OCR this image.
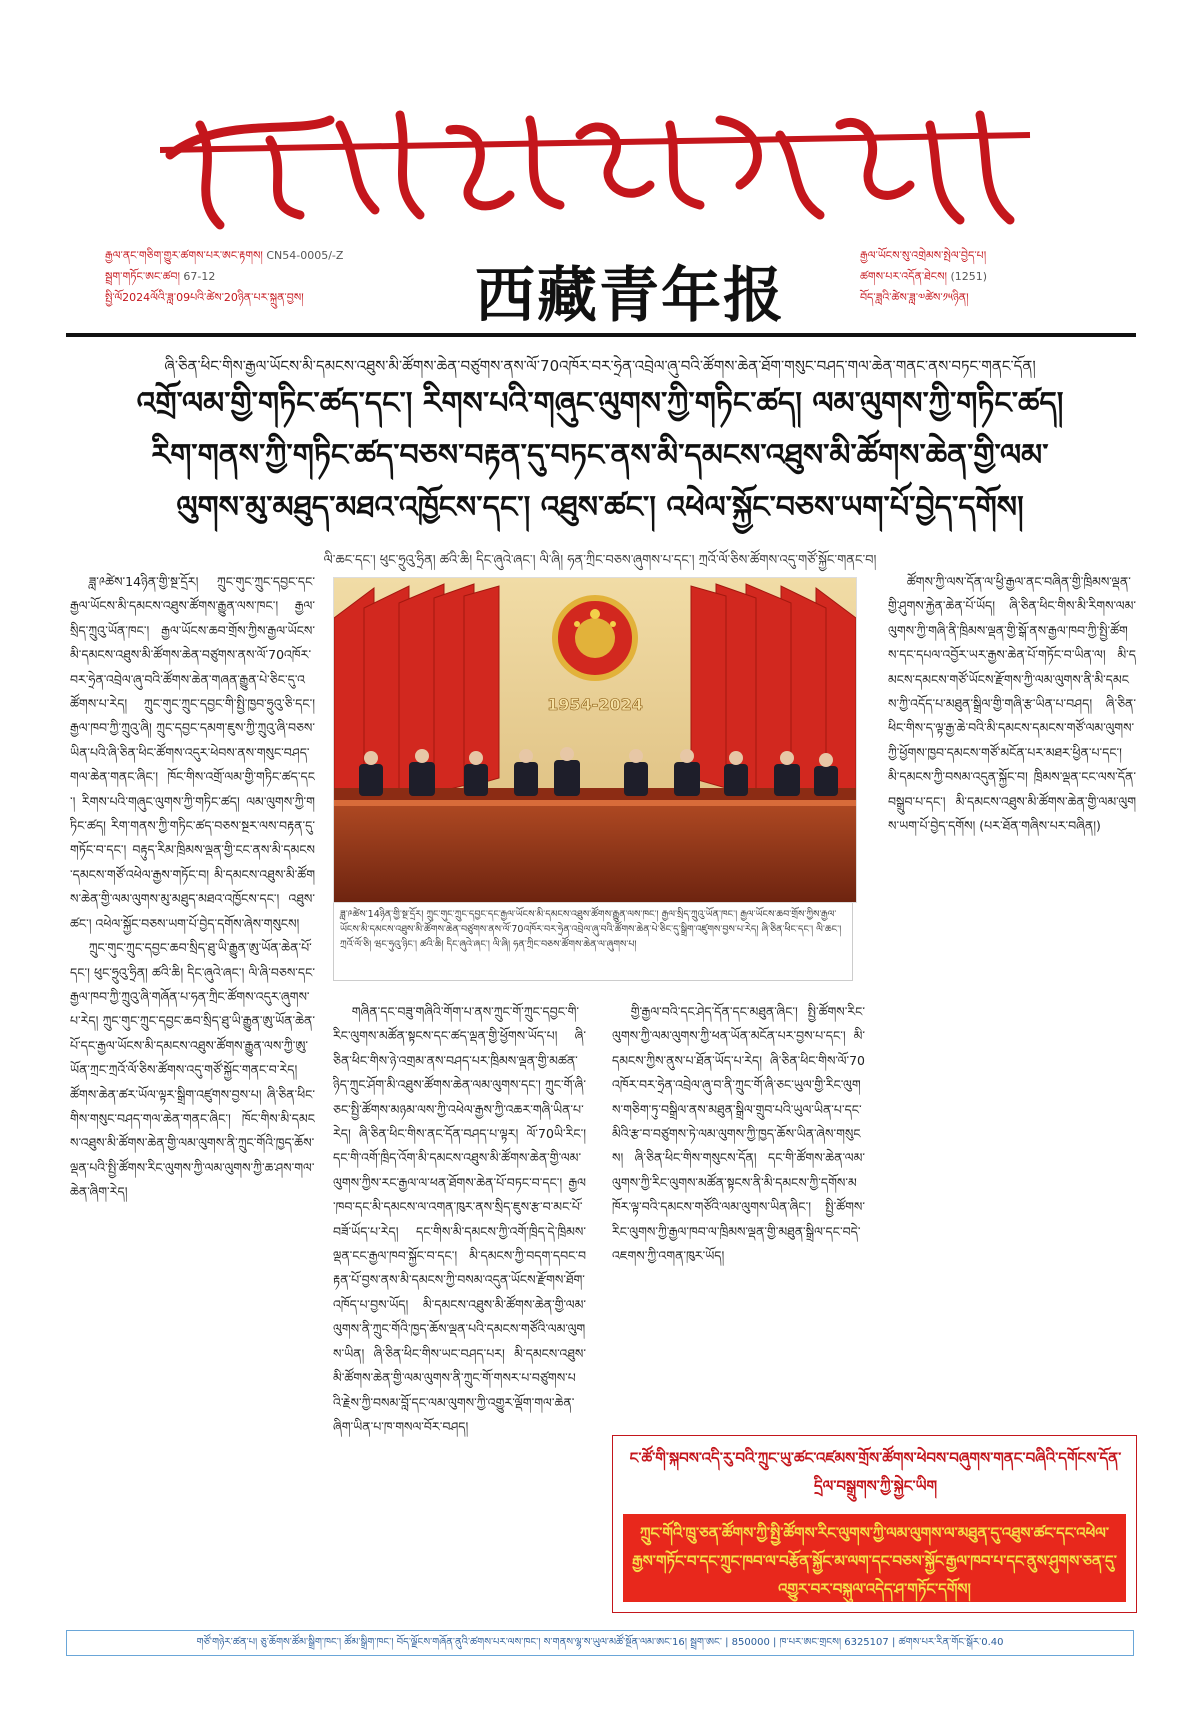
རྒྱལ་ནང་གཅིག་གྱུར་ཚགས་པར་ཨང་རྟགས། CN54-0005/-Z
སྦྲག་གཏོང་ཨང་ཚབ། 67-12
སྤྱི་ལོ2024ལོའི་ཟླ་09པའི་ཚེས་20ཉིན་པར་སྐྲུན་བྱས།	西藏青年报
རྒྱལ་ཡོངས་སུ་འགྲེམས་སྤེལ་བྱེད་པ།
ཚགས་པར་འདོན་ཐེངས། (1251)
བོད་ཟླའི་ཚེས་ཟླ་༧ཚེས་༡༥ཉིན།
ཞི་ཅིན་ཕིང་གིས་རྒྱལ་ཡོངས་མི་དམངས་འཐུས་མི་ཚོགས་ཆེན་བཙུགས་ནས་ལོ་70འཁོར་བར་ཧྲེན་འབྲེལ་ཞུ་བའི་ཚོགས་ཆེན་ཐོག་གསུང་བཤད་གལ་ཆེན་གནང་ནས་བཏང་གནང་དོན།
འགྲོ་ལམ་གྱི་གཏིང་ཚད་དང་། རིགས་པའི་གཞུང་ལུགས་ཀྱི་གཏིང་ཚད། ལམ་ལུགས་ཀྱི་གཏིང་ཚད།
རིག་གནས་ཀྱི་གཏིང་ཚད་བཅས་བརྟན་དུ་བཏང་ནས་མི་དམངས་འཐུས་མི་ཚོགས་ཆེན་གྱི་ལམ་
ལུགས་མུ་མཐུད་མཐའ་འཁྱོངས་དང་། འཐུས་ཚང་། འཕེལ་སྐྱོང་བཅས་ཡག་པོ་བྱེད་དགོས།
ལི་ཆང་དང་། ཕུང་ཧྲུའུ་ཧྲིན། ཚའི་ཆི། དིང་ཞུའེ་ཞང་། ལི་ཞི། ཧན་ཀྲིང་བཅས་ཞུགས་པ་དང་། ཀྲའོ་ལོ་ཅིས་ཚོགས་འདུ་གཙོ་སྐྱོང་གནང་བ།

ཟླ་༩ཚེས་14ཉིན་གྱི་སྔ་དྲོར། ཀྲུང་གུང་ཀྲུང་དབྱང་དང་རྒྱལ་ཡོངས་མི་དམངས་འཐུས་ཚོགས་རྒྱུན་ལས་ཁང་། རྒྱལ་སྲིད་ཀྲུའུ་ཡོན་ཁང་། རྒྱལ་ཡོངས་ཆབ་གྲོས་ཀྱིས་རྒྱལ་ཡོངས་མི་དམངས་འཐུས་མི་ཚོགས་ཆེན་བཙུགས་ནས་ལོ་70འཁོར་བར་ཧྲེན་འབྲེལ་ཞུ་བའི་ཚོགས་ཆེན་གཞན་རྒྱུན་པེ་ཅིང་དུ་འཚོགས་པ་རེད། ཀྲུང་གུང་ཀྲུང་དབྱང་གི་སྤྱི་ཁྱབ་ཧྲུའུ་ཅི་དང་། རྒྱལ་ཁབ་ཀྱི་ཀྲུའུ་ཞི། ཀྲུང་དབྱང་དམག་ཇུས་ཀྱི་ཀྲུའུ་ཞི་བཅས་ཡིན་པའི་ཞི་ཅིན་ཕིང་ཚོགས་འདུར་ཕེབས་ནས་གསུང་བཤད་གལ་ཆེན་གནང་ཞིང་། ཁོང་གིས་འགྲོ་ལམ་གྱི་གཏིང་ཚད་དང་། རིགས་པའི་གཞུང་ལུགས་ཀྱི་གཏིང་ཚད། ལམ་ལུགས་ཀྱི་གཏིང་ཚད། རིག་གནས་ཀྱི་གཏིང་ཚད་བཅས་སྔར་ལས་བརྟན་དུ་གཏོང་བ་དང་། བརྟུད་རིམ་ཁྲིམས་ལྡན་གྱི་ངང་ནས་མི་དམངས་དམངས་གཙོ་འཕེལ་རྒྱས་གཏོང་བ། མི་དམངས་འཐུས་མི་ཚོགས་ཆེན་གྱི་ལམ་ལུགས་མུ་མཐུད་མཐའ་འཁྱོངས་དང་། འཐུས་ཚང་། འཕེལ་སྐྱོང་བཅས་ཡག་པོ་བྱེད་དགོས་ཞེས་གསུངས།

ཀྲུང་གུང་ཀྲུང་དབྱང་ཆབ་སྲིད་ཐུ་ཡི་རྒྱུན་ཨུ་ཡོན་ཆེན་པོ་དང་། ཕུང་ཧྲུའུ་ཧྲིན། ཚའི་ཆི། དིང་ཞུའེ་ཞང་། ལི་ཞི་བཅས་དང་རྒྱལ་ཁབ་ཀྱི་ཀྲུའུ་ཞི་གཞོན་པ་ཧན་ཀྲིང་ཚོགས་འདུར་ཞུགས་པ་རེད། ཀྲུང་གུང་ཀྲུང་དབྱང་ཆབ་སྲིད་ཐུ་ཡི་རྒྱུན་ཨུ་ཡོན་ཆེན་པོ་དང་རྒྱལ་ཡོངས་མི་དམངས་འཐུས་ཚོགས་རྒྱུན་ལས་ཀྱི་ཨུ་ཡོན་ཀྲང་ཀྲའོ་ལོ་ཅིས་ཚོགས་འདུ་གཙོ་སྐྱོང་གནང་བ་རེད། ཚོགས་ཆེན་ཚར་ཡོལ་ལྟར་སྒྲིག་འཛུགས་བྱས་པ། ཞི་ཅིན་ཕིང་གིས་གསུང་བཤད་གལ་ཆེན་གནང་ཞིང་། ཁོང་གིས་མི་དམངས་འཐུས་མི་ཚོགས་ཆེན་གྱི་ལམ་ལུགས་ནི་ཀྲུང་གོའི་ཁྱད་ཆོས་ལྡན་པའི་སྤྱི་ཚོགས་རིང་ལུགས་ཀྱི་ལམ་ལུགས་ཀྱི་ཆ་ཤས་གལ་ཆེན་ཞིག་རེད།

1954-2024
ཟླ་༩ཚེས་14ཉིན་གྱི་སྔ་དྲོར། ཀྲུང་གུང་ཀྲུང་དབྱང་དང་རྒྱལ་ཡོངས་མི་དམངས་འཐུས་ཚོགས་རྒྱུན་ལས་ཁང་། རྒྱལ་སྲིད་ཀྲུའུ་ཡོན་ཁང་། རྒྱལ་ཡོངས་ཆབ་གྲོས་ཀྱིས་རྒྱལ་ཡོངས་མི་དམངས་འཐུས་མི་ཚོགས་ཆེན་བཙུགས་ནས་ལོ་70འཁོར་བར་ཧྲེན་འབྲེལ་ཞུ་བའི་ཚོགས་ཆེན་པེ་ཅིང་དུ་སྒྲིག་འཛུགས་བྱས་པ་རེད། ཞི་ཅིན་ཕིང་དང་། ལི་ཆང་། ཀྲའོ་ལོ་ཅི། ཝང་ཧུའུ་ཉིང་། ཚའི་ཆི། དིང་ཞུའེ་ཞང་། ལི་ཞི། ཧན་ཀྲིང་བཅས་ཚོགས་ཆེན་ལ་ཞུགས་པ།

གཞིན་དང་བཟུ་གཞིའི་གོག་པ་ནས་ཀྲུང་གོ་ཀྲུང་དབྱང་གི་རིང་ལུགས་མཚོན་སྟངས་དང་ཚད་ལྡན་གྱི་ཕྱོགས་ཡོད་པ། ཞི་ཅིན་ཕིང་གིས་ཉེ་འགྲམ་ནས་བཤད་པར་ཁྲིམས་ལྡན་གྱི་མཚན་ཉིད་ཀྲུང་ཤོག་མི་འཐུས་ཚོགས་ཆེན་ལམ་ལུགས་དང་། ཀྲུང་གོ་ཞི་ཅང་སྤྱི་ཚོགས་མཉམ་ལས་ཀྱི་འཕེལ་རྒྱས་ཀྱི་འཆར་གཞི་ཡིན་པ་རེད། ཞི་ཅིན་ཕིང་གིས་ནང་དོན་བཤད་པ་ལྟར། ལོ་70ཡི་རིང་། དང་གི་འགོ་ཁྲིད་འོག་མི་དམངས་འཐུས་མི་ཚོགས་ཆེན་གྱི་ལམ་ལུགས་ཀྱིས་རང་རྒྱལ་ལ་ཕན་ཐོགས་ཆེན་པོ་བཏང་བ་དང་། རྒྱལ་ཁབ་དང་མི་དམངས་ལ་འགན་ཁུར་ནས་སྲིད་ཇུས་རྩ་བ་མང་པོ་བཟོ་ཡོད་པ་རེད། དང་གིས་མི་དམངས་ཀྱི་འགོ་ཁྲིད་དེ་ཁྲིམས་ལྡན་ངང་རྒྱལ་ཁབ་སྐྱོང་བ་དང་། མི་དམངས་ཀྱི་བདག་དབང་བརྟན་པོ་བྱས་ནས་མི་དམངས་ཀྱི་བསམ་འདུན་ཡོངས་རྫོགས་ཐོག་འཁོད་པ་བྱས་ཡོད། མི་དམངས་འཐུས་མི་ཚོགས་ཆེན་གྱི་ལམ་ལུགས་ནི་ཀྲུང་གོའི་ཁྱད་ཆོས་ལྡན་པའི་དམངས་གཙོའི་ལམ་ལུགས་ཡིན། ཞི་ཅིན་ཕིང་གིས་ཡང་བཤད་པར། མི་དམངས་འཐུས་མི་ཚོགས་ཆེན་གྱི་ལམ་ལུགས་ནི་ཀྲུང་གོ་གསར་པ་བཙུགས་པའི་རྗེས་ཀྱི་བསམ་བློ་དང་ལམ་ལུགས་ཀྱི་འགྱུར་ལྡོག་གལ་ཆེན་ཞིག་ཡིན་པ་ཁ་གསལ་བོར་བཤད།

གྱི་རྒྱལ་བའི་དང་ཤེད་དོན་དང་མཐུན་ཞིང་། སྤྱི་ཚོགས་རིང་ལུགས་ཀྱི་ལམ་ལུགས་ཀྱི་ཕན་ཡོན་མངོན་པར་བྱས་པ་དང་། མི་དམངས་ཀྱིས་ནུས་པ་ཐོན་ཡོད་པ་རེད། ཞི་ཅིན་ཕིང་གིས་ལོ་70འཁོར་བར་ཧྲེན་འབྲེལ་ཞུ་བ་ནི་ཀྲུང་གོ་ཞི་ཅང་ཡུལ་གྱི་རིང་ལུགས་གཅིག་ཏུ་བསྒྲིལ་ནས་མཐུན་སྒྲིལ་གྲུབ་པའི་ཡུལ་ཡིན་པ་དང་མིའི་རྩ་བ་བཙུགས་ཏེ་ལམ་ལུགས་ཀྱི་ཁྱད་ཆོས་ཡིན་ཞེས་གསུངས། ཞི་ཅིན་ཕིང་གིས་གསུངས་དོན། དང་གི་ཚོགས་ཆེན་ལམ་ལུགས་ཀྱི་རིང་ལུགས་མཚོན་སྟངས་ནི་མི་དམངས་ཀྱི་དགོས་མཁོར་ལྟ་བའི་དམངས་གཙོའི་ལམ་ལུགས་ཡིན་ཞིང་། སྤྱི་ཚོགས་རིང་ལུགས་ཀྱི་རྒྱལ་ཁབ་ལ་ཁྲིམས་ལྡན་གྱི་མཐུན་སྒྲིལ་དང་བདེ་འཇགས་ཀྱི་འགན་ཁུར་ཡོད།

ཚོགས་ཀྱི་ལས་དོན་ལ་ཕྱི་རྒྱལ་ནང་བཞིན་གྱི་ཁྲིམས་ལྡན་གྱི་ཤུགས་རྐྱེན་ཆེན་པོ་ཡོད། ཞི་ཅིན་ཕིང་གིས་མི་རིགས་ལམ་ལུགས་ཀྱི་གཞི་ནི་ཁྲིམས་ལྡན་གྱི་སྒོ་ནས་རྒྱལ་ཁབ་ཀྱི་སྤྱི་ཚོགས་དང་དཔལ་འབྱོར་ཡར་རྒྱས་ཆེན་པོ་གཏོང་བ་ཡིན་ལ། མི་དམངས་དམངས་གཙོ་ཡོངས་རྫོགས་ཀྱི་ལམ་ལུགས་ནི་མི་དམངས་ཀྱི་འདོད་པ་མཐུན་སྒྲིལ་གྱི་གཞི་རྩ་ཡིན་པ་བཤད། ཞི་ཅིན་ཕིང་གིས་ད་ལྟ་རྒྱ་ཆེ་བའི་མི་དམངས་དམངས་གཙོ་ལམ་ལུགས་ཀྱི་ཕྱོགས་ཁྱབ་དམངས་གཙོ་མངོན་པར་མཐར་ཕྱིན་པ་དང་། མི་དམངས་ཀྱི་བསམ་འདུན་སྐྱོང་བ། ཁྲིམས་ལྡན་ངང་ལས་དོན་བསྒྲུབ་པ་དང་། མི་དམངས་འཐུས་མི་ཚོགས་ཆེན་གྱི་ལམ་ལུགས་ཡག་པོ་བྱེད་དགོས། (པར་ཐོན་གཞིས་པར་བཞིན།)

ང་ཚོ་གི་སྐབས་འདི་རུ་བའི་ཀྲུང་ཡུ་ཚང་འཛམས་གྲོས་ཚོགས་ཕེབས་བཞུགས་གནང་བཞིའི་དགོངས་དོན་དྲིལ་བསྒྲུགས་ཀྱི་སྐྱེང་ཡིག
ཀྲུང་གོའི་ཁྲུ་ཅན་ཚོགས་ཀྱི་སྤྱི་ཚོགས་རིང་ལུགས་ཀྱི་ལམ་ལུགས་ལ་མཐུན་དུ་འཐུས་ཚང་དང་འཕེལ་རྒྱས་གཏོང་བ་དང་ཀྲུང་ཁབ་ལ་བརྩོན་སྐྱོང་མ་ལག་དང་བཅས་སྐྱོང་རྒྱལ་ཁབ་པ་དང་ནུས་ཤུགས་ཅན་དུ་འགྱུར་བར་བསྐུལ་འདེད་ཤ་གཏོང་དགོས།
གཙོ་གཉེར་ཚན་པ། ཅུ་ཆོགས་ཚོམ་སྒྲིག་ཁང་། ཚོམ་སྒྲིག་ཁང་། བོད་ལྗོངས་གཞོན་ནུའི་ཚགས་པར་ལས་ཁང་། ས་གནས་ལྷ་ས་ཡུལ་མཚོ་སྔོན་ལམ་ཨང་16། སྦྲག་ཨང་ | 850000 | ཁ་པར་ཨང་གྲངས། 6325107 | ཚགས་པར་རིན་གོང་སྒོར་0.40
